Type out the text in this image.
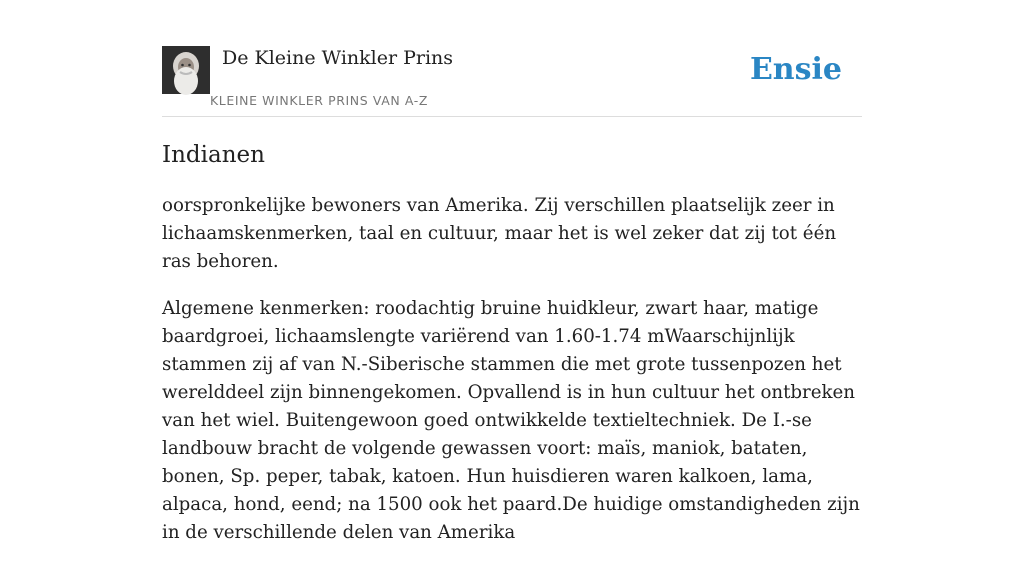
De Kleine Winkler Prins
KLEINE WINKLER PRINS VAN A-Z
Ensie
Indianen

oorspronkelijke bewoners van Amerika. Zij verschillen plaatselijk zeer in lichaamskenmerken, taal en cultuur, maar het is wel zeker dat zij tot één ras behoren.

Algemene kenmerken: roodachtig bruine huidkleur, zwart haar, matige baardgroei, lichaamslengte variërend van 1.60-1.74 mWaarschijnlijk stammen zij af van N.-Siberische stammen die met grote tussenpozen het werelddeel zijn binnengekomen. Opvallend is in hun cultuur het ontbreken van het wiel. Buitengewoon goed ontwikkelde textieltechniek. De I.-se landbouw bracht de volgende gewassen voort: maïs, maniok, bataten, bonen, Sp. peper, tabak, katoen. Hun huisdieren waren kalkoen, lama, alpaca, hond, eend; na 1500 ook het paard.De huidige omstandigheden zijn in de verschillende delen van Amerika
